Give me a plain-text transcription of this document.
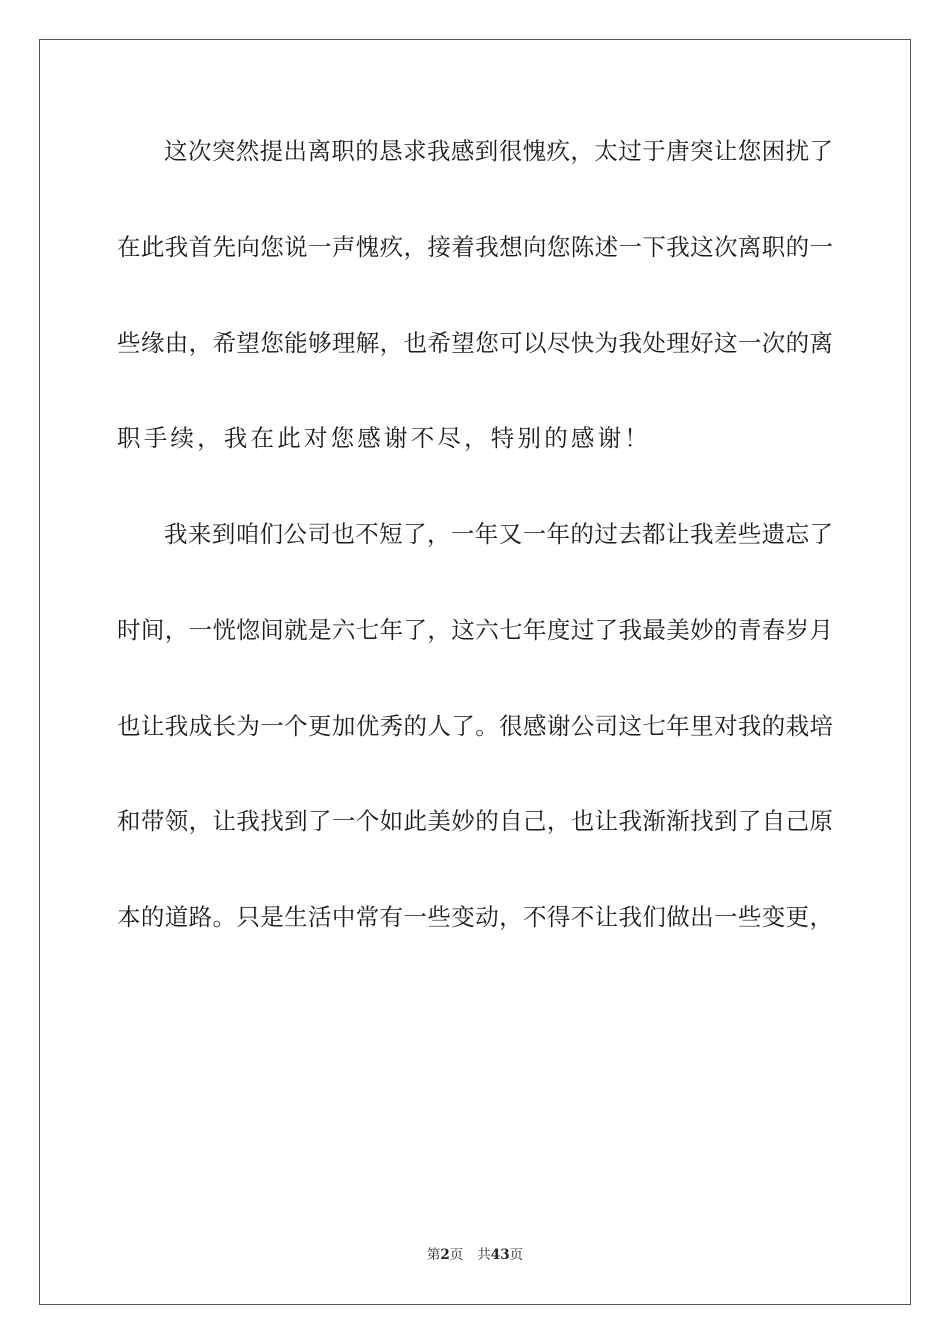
这次突然提出离职的恳求我感到很愧疚，太过于唐突让您困扰了
在此我首先向您说一声愧疚，接着我想向您陈述一下我这次离职的一
些缘由，希望您能够理解，也希望您可以尽快为我处理好这一次的离
职手续，我在此对您感谢不尽，特别的感谢！
我来到咱们公司也不短了，一年又一年的过去都让我差些遗忘了
时间，一恍惚间就是六七年了，这六七年度过了我最美妙的青春岁月
也让我成长为一个更加优秀的人了。很感谢公司这七年里对我的栽培
和带领，让我找到了一个如此美妙的自己，也让我渐渐找到了自己原
本的道路。只是生活中常有一些变动，不得不让我们做出一些变更，
第2页 共43页
